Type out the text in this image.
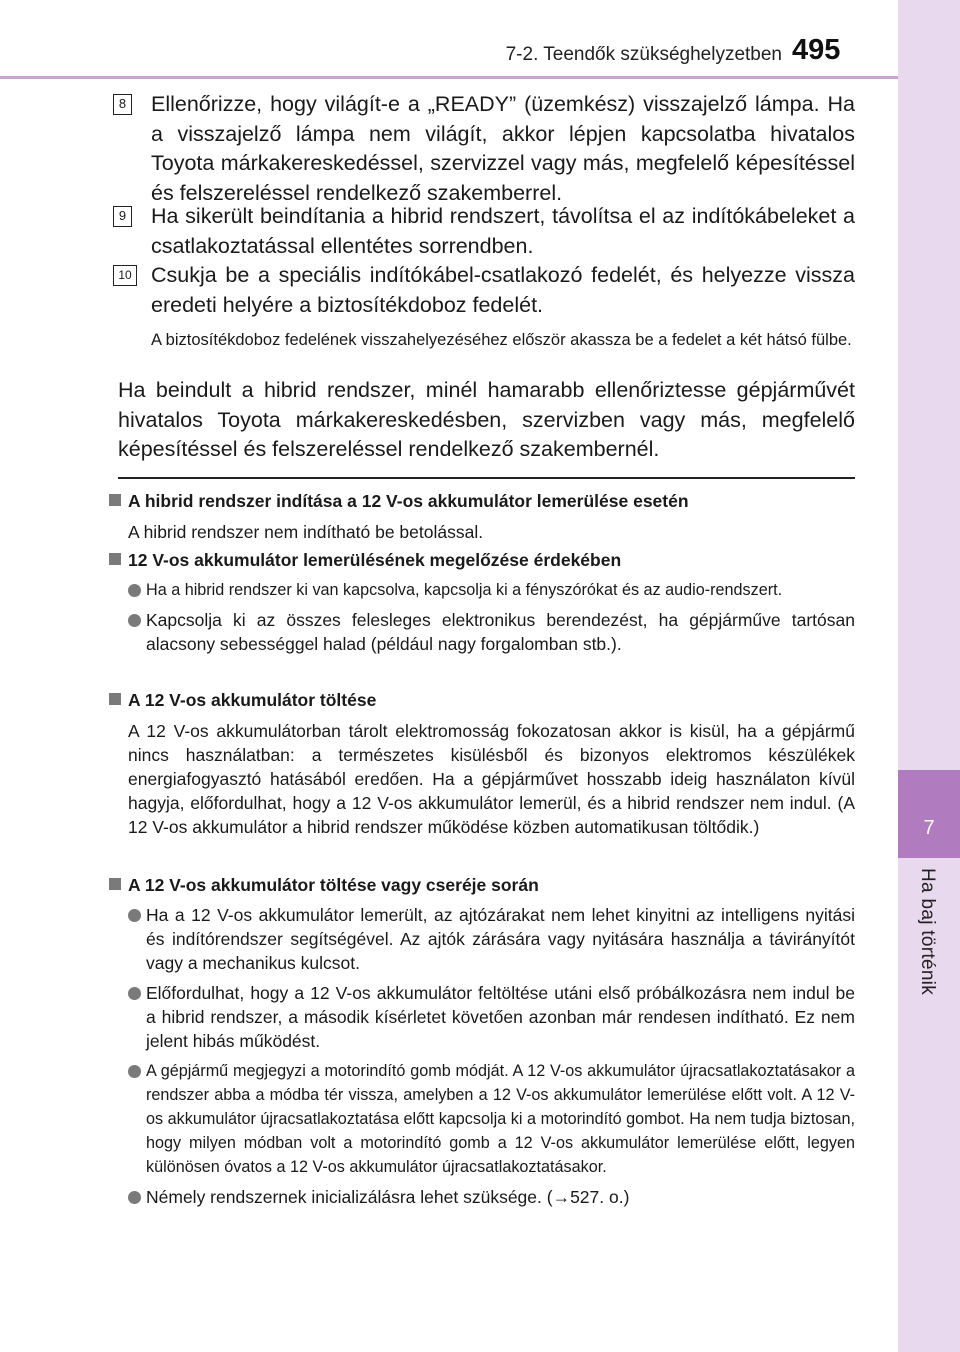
7-2. Teendők szükséghelyzetben 495
7
Ha baj történik
8 Ellenőrizze, hogy világít-e a „READY” (üzemkész) visszajelző lámpa. Ha a visszajelző lámpa nem világít, akkor lépjen kapcsolatba hivatalos Toyota márkakereskedéssel, szervizzel vagy más, megfelelő képesítéssel és felszereléssel rendelkező szakemberrel.
9 Ha sikerült beindítania a hibrid rendszert, távolítsa el az indítókábeleket a csatlakoztatással ellentétes sorrendben.
10 Csukja be a speciális indítókábel-csatlakozó fedelét, és helyezze vissza eredeti helyére a biztosítékdoboz fedelét.
A biztosítékdoboz fedelének visszahelyezéséhez először akassza be a fedelet a két hátsó fülbe.
Ha beindult a hibrid rendszer, minél hamarabb ellenőriztesse gépjárművét hivatalos Toyota márkakereskedésben, szervizben vagy más, megfelelő képesítéssel és felszereléssel rendelkező szakembernél.
A hibrid rendszer indítása a 12 V-os akkumulátor lemerülése esetén
A hibrid rendszer nem indítható be betolással.
12 V-os akkumulátor lemerülésének megelőzése érdekében
Ha a hibrid rendszer ki van kapcsolva, kapcsolja ki a fényszórókat és az audio-rendszert.
Kapcsolja ki az összes felesleges elektronikus berendezést, ha gépjárműve tartósan alacsony sebességgel halad (például nagy forgalomban stb.).
A 12 V-os akkumulátor töltése
A 12 V-os akkumulátorban tárolt elektromosság fokozatosan akkor is kisül, ha a gépjármű nincs használatban: a természetes kisülésből és bizonyos elektromos készülékek energiafogyasztó hatásából eredően. Ha a gépjárművet hosszabb ideig használaton kívül hagyja, előfordulhat, hogy a 12 V-os akkumulátor lemerül, és a hibrid rendszer nem indul. (A 12 V-os akkumulátor a hibrid rendszer működése közben automatikusan töltődik.)
A 12 V-os akkumulátor töltése vagy cseréje során
Ha a 12 V-os akkumulátor lemerült, az ajtózárakat nem lehet kinyitni az intelligens nyitási és indítórendszer segítségével. Az ajtók zárására vagy nyitására használja a távirányítót vagy a mechanikus kulcsot.
Előfordulhat, hogy a 12 V-os akkumulátor feltöltése utáni első próbálkozásra nem indul be a hibrid rendszer, a második kísérletet követően azonban már rendesen indítható. Ez nem jelent hibás működést.
A gépjármű megjegyzi a motorindító gomb módját. A 12 V-os akkumulátor újracsatlakoztatásakor a rendszer abba a módba tér vissza, amelyben a 12 V-os akkumulátor lemerülése előtt volt. A 12 V-os akkumulátor újracsatlakoztatása előtt kapcsolja ki a motorindító gombot. Ha nem tudja biztosan, hogy milyen módban volt a motorindító gomb a 12 V-os akkumulátor lemerülése előtt, legyen különösen óvatos a 12 V-os akkumulátor újracsatlakoztatásakor.
Némely rendszernek inicializálásra lehet szüksége. (→527. o.)
